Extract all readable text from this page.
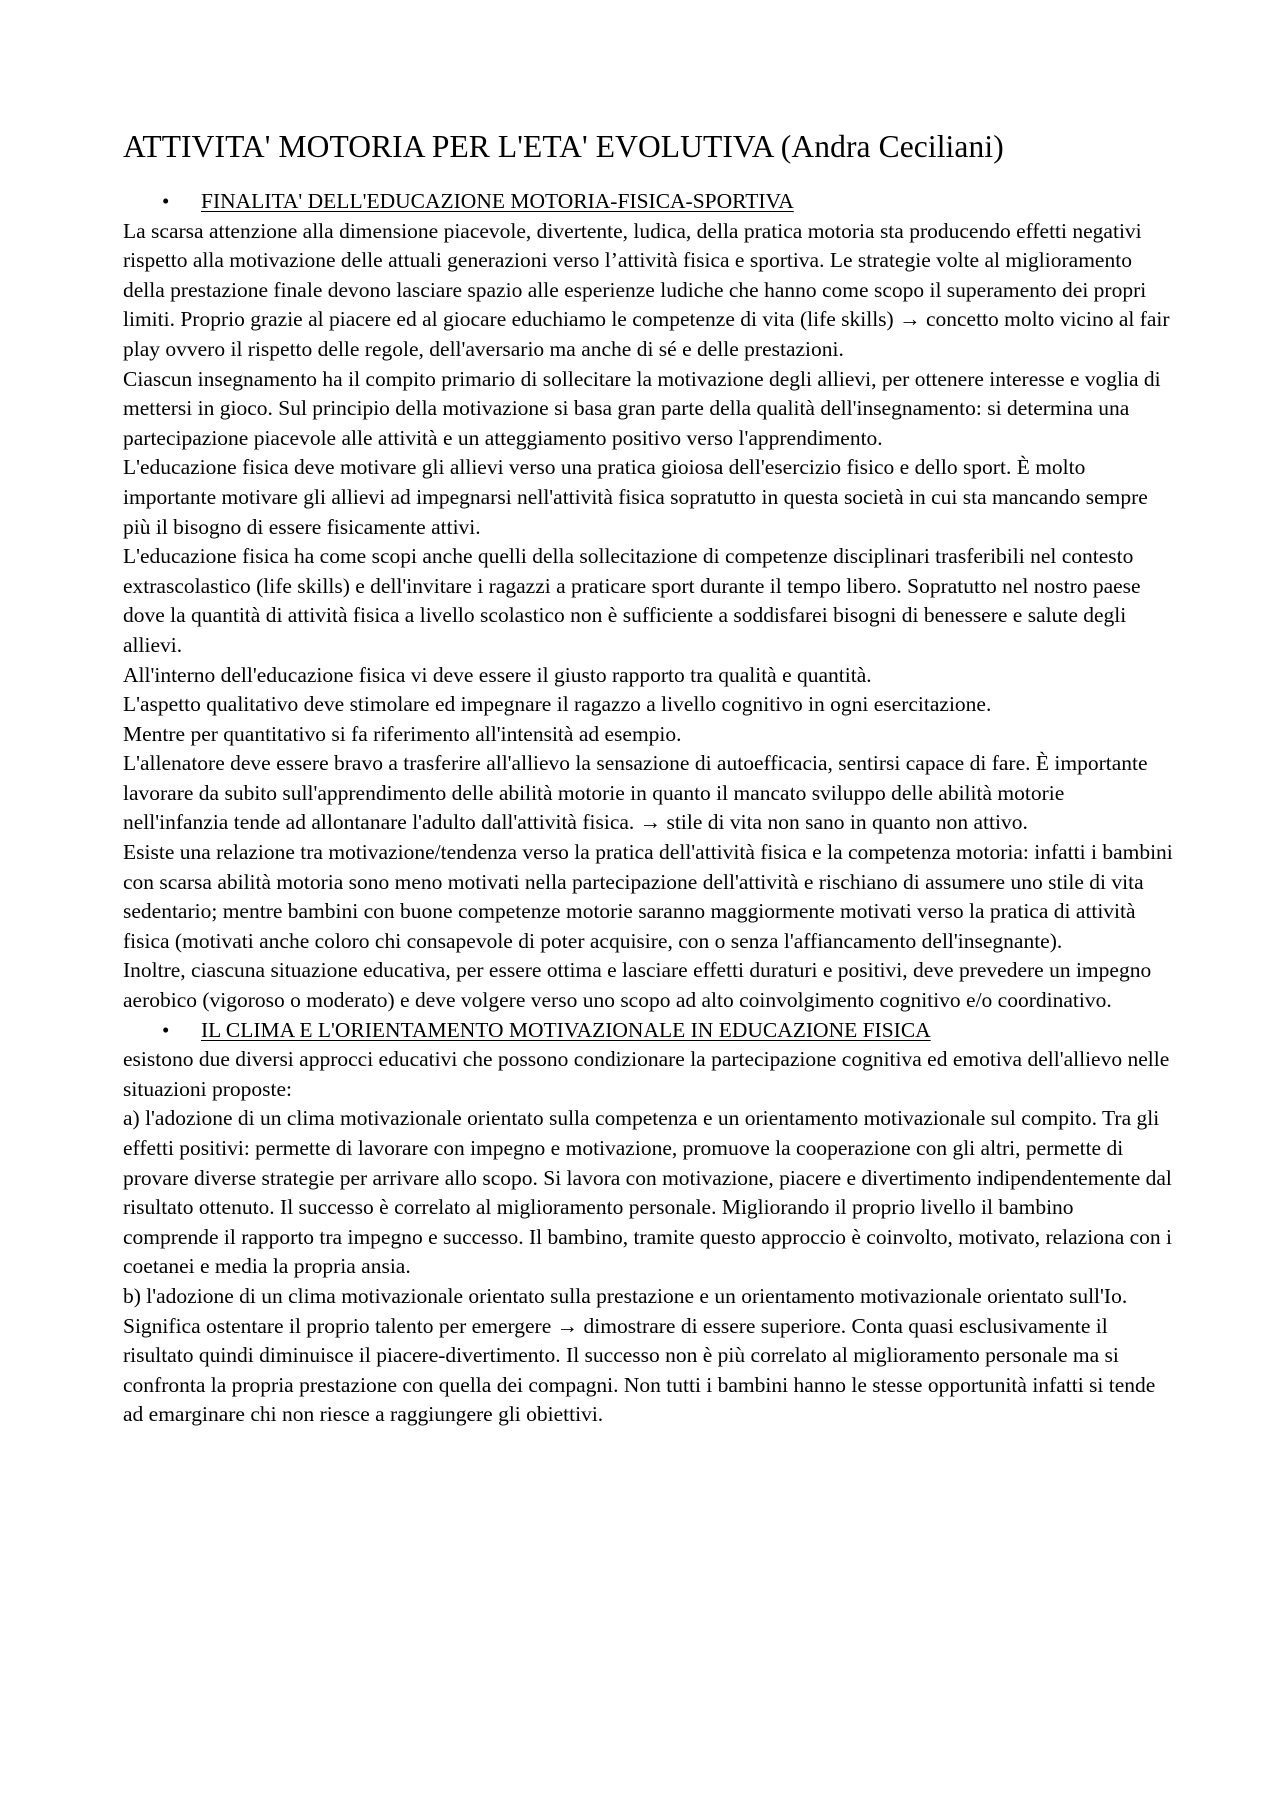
ATTIVITA' MOTORIA PER L'ETA' EVOLUTIVA (Andra Ceciliani)
• FINALITA' DELL'EDUCAZIONE MOTORIA-FISICA-SPORTIVA

La scarsa attenzione alla dimensione piacevole, divertente, ludica, della pratica motoria sta producendo effetti negativi rispetto alla motivazione delle attuali generazioni verso l’attività fisica e sportiva. Le strategie volte al miglioramento della prestazione finale devono lasciare spazio alle esperienze ludiche che hanno come scopo il superamento dei propri limiti. Proprio grazie al piacere ed al giocare educhiamo le competenze di vita (life skills) → concetto molto vicino al fair play ovvero il rispetto delle regole, dell'aversario ma anche di sé e delle prestazioni.

Ciascun insegnamento ha il compito primario di sollecitare la motivazione degli allievi, per ottenere interesse e voglia di mettersi in gioco. Sul principio della motivazione si basa gran parte della qualità dell'insegnamento: si determina una partecipazione piacevole alle attività e un atteggiamento positivo verso l'apprendimento.

L'educazione fisica deve motivare gli allievi verso una pratica gioiosa dell'esercizio fisico e dello sport. È molto importante motivare gli allievi ad impegnarsi nell'attività fisica sopratutto in questa società in cui sta mancando sempre più il bisogno di essere fisicamente attivi.

L'educazione fisica ha come scopi anche quelli della sollecitazione di competenze disciplinari trasferibili nel contesto extrascolastico (life skills) e dell'invitare i ragazzi a praticare sport durante il tempo libero. Sopratutto nel nostro paese dove la quantità di attività fisica a livello scolastico non è sufficiente a soddisfarei bisogni di benessere e salute degli allievi.

All'interno dell'educazione fisica vi deve essere il giusto rapporto tra qualità e quantità.

L'aspetto qualitativo deve stimolare ed impegnare il ragazzo a livello cognitivo in ogni esercitazione.

Mentre per quantitativo si fa riferimento all'intensità ad esempio.

L'allenatore deve essere bravo a trasferire all'allievo la sensazione di autoefficacia, sentirsi capace di fare. È importante lavorare da subito sull'apprendimento delle abilità motorie in quanto il mancato sviluppo delle abilità motorie nell'infanzia tende ad allontanare l'adulto dall'attività fisica. → stile di vita non sano in quanto non attivo.

Esiste una relazione tra motivazione/tendenza verso la pratica dell'attività fisica e la competenza motoria: infatti i bambini con scarsa abilità motoria sono meno motivati nella partecipazione dell'attività e rischiano di assumere uno stile di vita sedentario; mentre bambini con buone competenze motorie saranno maggiormente motivati verso la pratica di attività fisica (motivati anche coloro chi consapevole di poter acquisire, con o senza l'affiancamento dell'insegnante).

Inoltre, ciascuna situazione educativa, per essere ottima e lasciare effetti duraturi e positivi, deve prevedere un impegno aerobico (vigoroso o moderato) e deve volgere verso uno scopo ad alto coinvolgimento cognitivo e/o coordinativo.

• IL CLIMA E L'ORIENTAMENTO MOTIVAZIONALE IN EDUCAZIONE FISICA

esistono due diversi approcci educativi che possono condizionare la partecipazione cognitiva ed emotiva dell'allievo nelle situazioni proposte:

a) l'adozione di un clima motivazionale orientato sulla competenza e un orientamento motivazionale sul compito. Tra gli effetti positivi: permette di lavorare con impegno e motivazione, promuove la cooperazione con gli altri, permette di provare diverse strategie per arrivare allo scopo. Si lavora con motivazione, piacere e divertimento indipendentemente dal risultato ottenuto. Il successo è correlato al miglioramento personale. Migliorando il proprio livello il bambino comprende il rapporto tra impegno e successo. Il bambino, tramite questo approccio è coinvolto, motivato, relaziona con i coetanei e media la propria ansia.

b) l'adozione di un clima motivazionale orientato sulla prestazione e un orientamento motivazionale orientato sull'Io. Significa ostentare il proprio talento per emergere → dimostrare di essere superiore. Conta quasi esclusivamente il risultato quindi diminuisce il piacere-divertimento. Il successo non è più correlato al miglioramento personale ma si confronta la propria prestazione con quella dei compagni. Non tutti i bambini hanno le stesse opportunità infatti si tende ad emarginare chi non riesce a raggiungere gli obiettivi.
